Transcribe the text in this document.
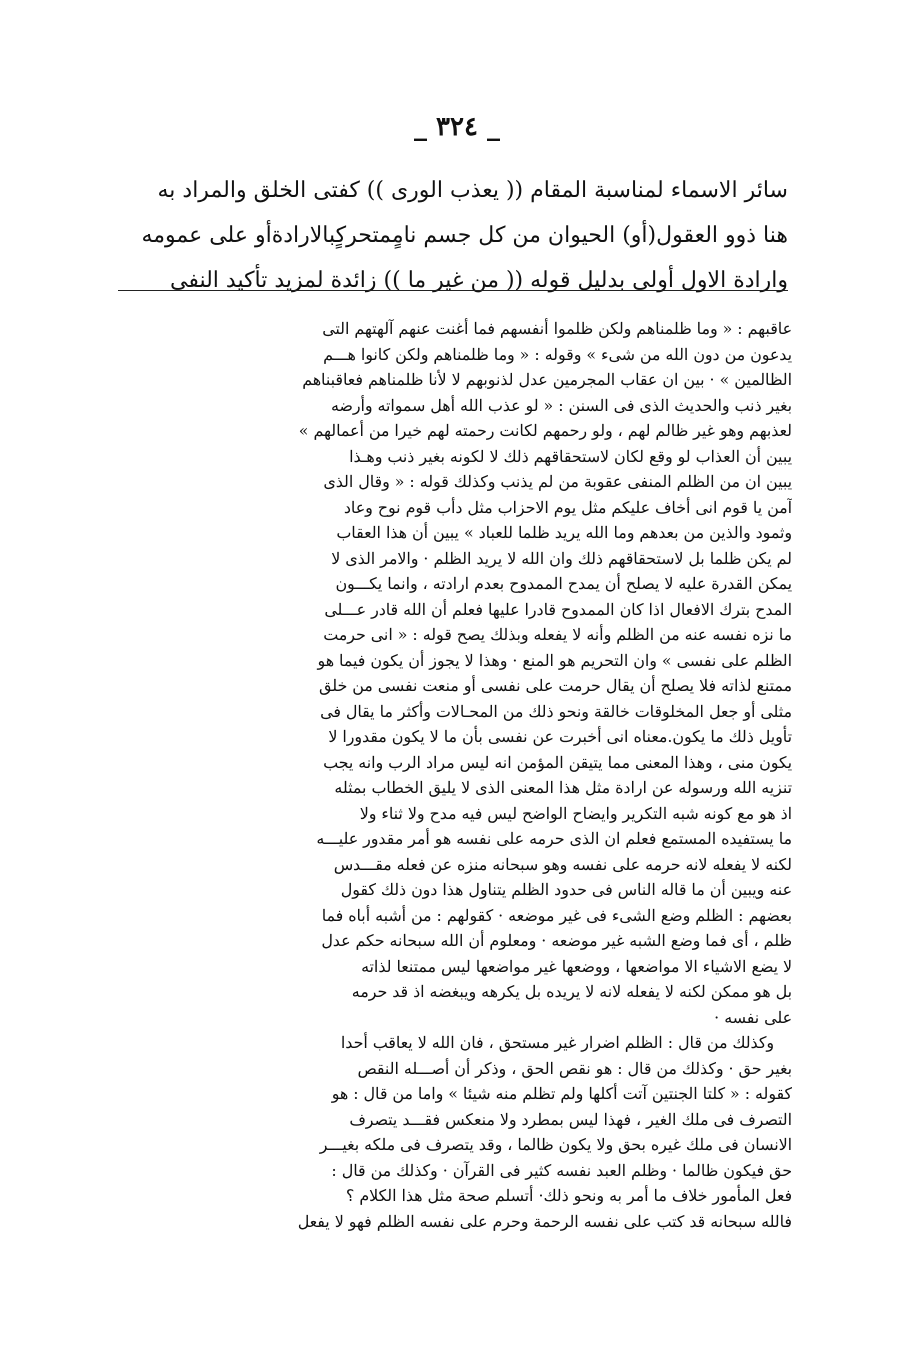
_ ٣٢٤ _
سائر الاسماء لمناسبة المقام (( يعذب الورى )) كفتى الخلق والمراد به
هنا ذوو العقول(أو) الحيوان من كل جسم نامٍمتحركٍبالارادةأو على عمومه
وارادة الاول أولى بدليل قوله (( من غير ما )) زائدة لمزيد تأكيد النفى
عاقبهم : « وما ظلمناهم ولكن ظلموا أنفسهم فما أغنت عنهم آلهتهم التى
يدعون من دون الله من شىء » وقوله : « وما ظلمناهم ولكن كانوا هـــم
الظالمين » · بين ان عقاب المجرمين عدل لذنوبهم لا لأنا ظلمناهم فعاقبناهم
بغير ذنب والحديث الذى فى السنن : « لو عذب الله أهل سمواته وأرضه
لعذبهم وهو غير ظالم لهم ، ولو رحمهم لكانت رحمته لهم خيرا من أعمالهم »
يبين أن العذاب لو وقع لكان لاستحقاقهم ذلك لا لكونه بغير ذنب وهـذا
يبين ان من الظلم المنفى عقوبة من لم يذنب وكذلك قوله : « وقال الذى
آمن يا قوم انى أخاف عليكم مثل يوم الاحزاب مثل دأب قوم نوح وعاد
وثمود والذين من بعدهم وما الله يريد ظلما للعباد » يبين أن هذا العقاب
لم يكن ظلما بل لاستحقاقهم ذلك وان الله لا يريد الظلم · والامر الذى لا
يمكن القدرة عليه لا يصلح أن يمدح الممدوح بعدم ارادته ، وانما يكـــون
المدح بترك الافعال اذا كان الممدوح قادرا عليها فعلم أن الله قادر عـــلى
ما نزه نفسه عنه من الظلم وأنه لا يفعله وبذلك يصح قوله : « انى حرمت
الظلم على نفسى » وان التحريم هو المنع · وهذا لا يجوز أن يكون فيما هو
ممتنع لذاته فلا يصلح أن يقال حرمت على نفسى أو منعت نفسى من خلق
مثلى أو جعل المخلوقات خالقة ونحو ذلك من المحـالات وأكثر ما يقال فى
تأويل ذلك ما يكون.معناه انى أخبرت عن نفسى بأن ما لا يكون مقدورا لا
يكون منى ، وهذا المعنى مما يتيقن المؤمن انه ليس مراد الرب وانه يجب
تنزيه الله ورسوله عن ارادة مثل هذا المعنى الذى لا يليق الخطاب بمثله
اذ هو مع كونه شبه التكرير وايضاح الواضح ليس فيه مدح ولا ثناء ولا
ما يستفيده المستمع فعلم ان الذى حرمه على نفسه هو أمر مقدور عليـــه
لكنه لا يفعله لانه حرمه على نفسه وهو سبحانه منزه عن فعله مقـــدس
عنه ويبين أن ما قاله الناس فى حدود الظلم يتناول هذا دون ذلك كقول
بعضهم : الظلم وضع الشىء فى غير موضعه · كقولهم : من أشبه أباه فما
ظلم ، أى فما وضع الشبه غير موضعه · ومعلوم أن الله سبحانه حكم عدل
لا يضع الاشياء الا مواضعها ، ووضعها غير مواضعها ليس ممتنعا لذاته
بل هو ممكن لكنه لا يفعله لانه لا يريده بل يكرهه ويبغضه اذ قد حرمه
على نفسه ·
وكذلك من قال : الظلم اضرار غير مستحق ، فان الله لا يعاقب أحدا
بغير حق · وكذلك من قال : هو نقص الحق ، وذكر أن أصـــله النقص
كقوله : « كلتا الجنتين آتت أكلها ولم تظلم منه شيئا » واما من قال : هو
التصرف فى ملك الغير ، فهذا ليس بمطرد ولا منعكس فقـــد يتصرف
الانسان فى ملك غيره بحق ولا يكون ظالما ، وقد يتصرف فى ملكه بغيـــر
حق فيكون ظالما · وظلم العبد نفسه كثير فى القرآن · وكذلك من قال :
فعل المأمور خلاف ما أمر به ونحو ذلك· أتسلم صحة مثل هذا الكلام ؟
فالله سبحانه قد كتب على نفسه الرحمة وحرم على نفسه الظلم فهو لا يفعل
